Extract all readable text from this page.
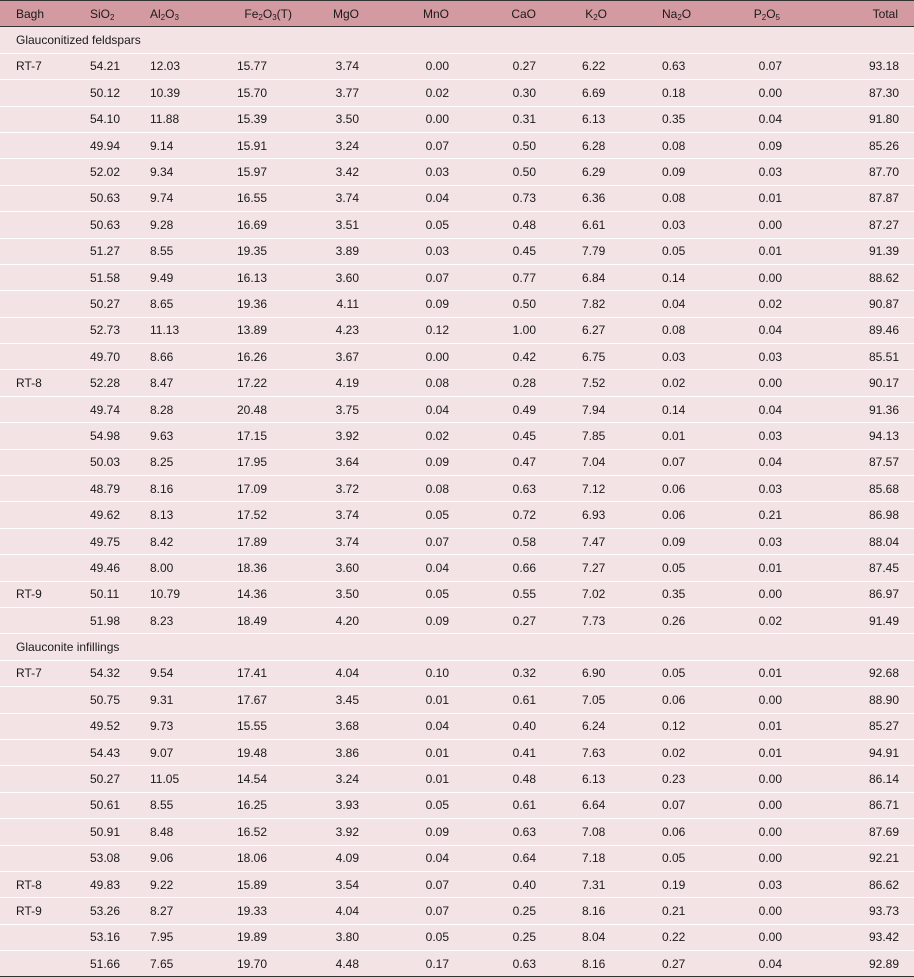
Bagh	SiO$_2$	$Al_2O_3$	$Fe_2O_3(T)$	MgO	MnO	CaO	$K_2O$	$Na_2O$	$P_2O_5$	Total
Glauconitized feldspars										
RT-7	54.21	12.03	15.77	3.74	0.00	0.27	6.22	0.63	0.07	93.18
	50.12	10.39	15.70	3.77	0.02	0.30	6.69	0.18	0.00	87.30
	54.10	11.88	15.39	3.50	0.00	0.31	6.13	0.35	0.04	91.80
	49.94	9.14	15.91	3.24	0.07	0.50	6.28	0.08	0.09	85.26
	52.02	9.34	15.97	3.42	0.03	0.50	6.29	0.09	0.03	87.70
	50.63	9.74	16.55	3.74	0.04	0.73	6.36	0.08	0.01	87.87
	50.63	9.28	16.69	3.51	0.05	0.48	6.61	0.03	0.00	87.27
	51.27	8.55	19.35	3.89	0.03	0.45	7.79	0.05	0.01	91.39
	51.58	9.49	16.13	3.60	0.07	0.77	6.84	0.14	0.00	88.62
	50.27	8.65	19.36	4.11	0.09	0.50	7.82	0.04	0.02	90.87
	52.73	11.13	13.89	4.23	0.12	1.00	6.27	0.08	0.04	89.46
	49.70	8.66	16.26	3.67	0.00	0.42	6.75	0.03	0.03	85.51
RT-8	52.28	8.47	17.22	4.19	0.08	0.28	7.52	0.02	0.00	90.17
	49.74	8.28	20.48	3.75	0.04	0.49	7.94	0.14	0.04	91.36
	54.98	9.63	17.15	3.92	0.02	0.45	7.85	0.01	0.03	94.13
	50.03	8.25	17.95	3.64	0.09	0.47	7.04	0.07	0.04	87.57
	48.79	8.16	17.09	3.72	0.08	0.63	7.12	0.06	0.03	85.68
	49.62	8.13	17.52	3.74	0.05	0.72	6.93	0.06	0.21	86.98
	49.75	8.42	17.89	3.74	0.07	0.58	7.47	0.09	0.03	88.04
	49.46	8.00	18.36	3.60	0.04	0.66	7.27	0.05	0.01	87.45
RT-9	50.11	10.79	14.36	3.50	0.05	0.55	7.02	0.35	0.00	86.97
	51.98	8.23	18.49	4.20	0.09	0.27	7.73	0.26	0.02	91.49
Glauconite infillings										
RT-7	54.32	9.54	17.41	4.04	0.10	0.32	6.90	0.05	0.01	92.68
	50.75	9.31	17.67	3.45	0.01	0.61	7.05	0.06	0.00	88.90
	49.52	9.73	15.55	3.68	0.04	0.40	6.24	0.12	0.01	85.27
	54.43	9.07	19.48	3.86	0.01	0.41	7.63	0.02	0.01	94.91
	50.27	11.05	14.54	3.24	0.01	0.48	6.13	0.23	0.00	86.14
	50.61	8.55	16.25	3.93	0.05	0.61	6.64	0.07	0.00	86.71
	50.91	8.48	16.52	3.92	0.09	0.63	7.08	0.06	0.00	87.69
	53.08	9.06	18.06	4.09	0.04	0.64	7.18	0.05	0.00	92.21
RT-8	49.83	9.22	15.89	3.54	0.07	0.40	7.31	0.19	0.03	86.62
RT-9	53.26	8.27	19.33	4.04	0.07	0.25	8.16	0.21	0.00	93.73
	53.16	7.95	19.89	3.80	0.05	0.25	8.04	0.22	0.00	93.42
	51.66	7.65	19.70	4.48	0.17	0.63	8.16	0.27	0.04	92.89
